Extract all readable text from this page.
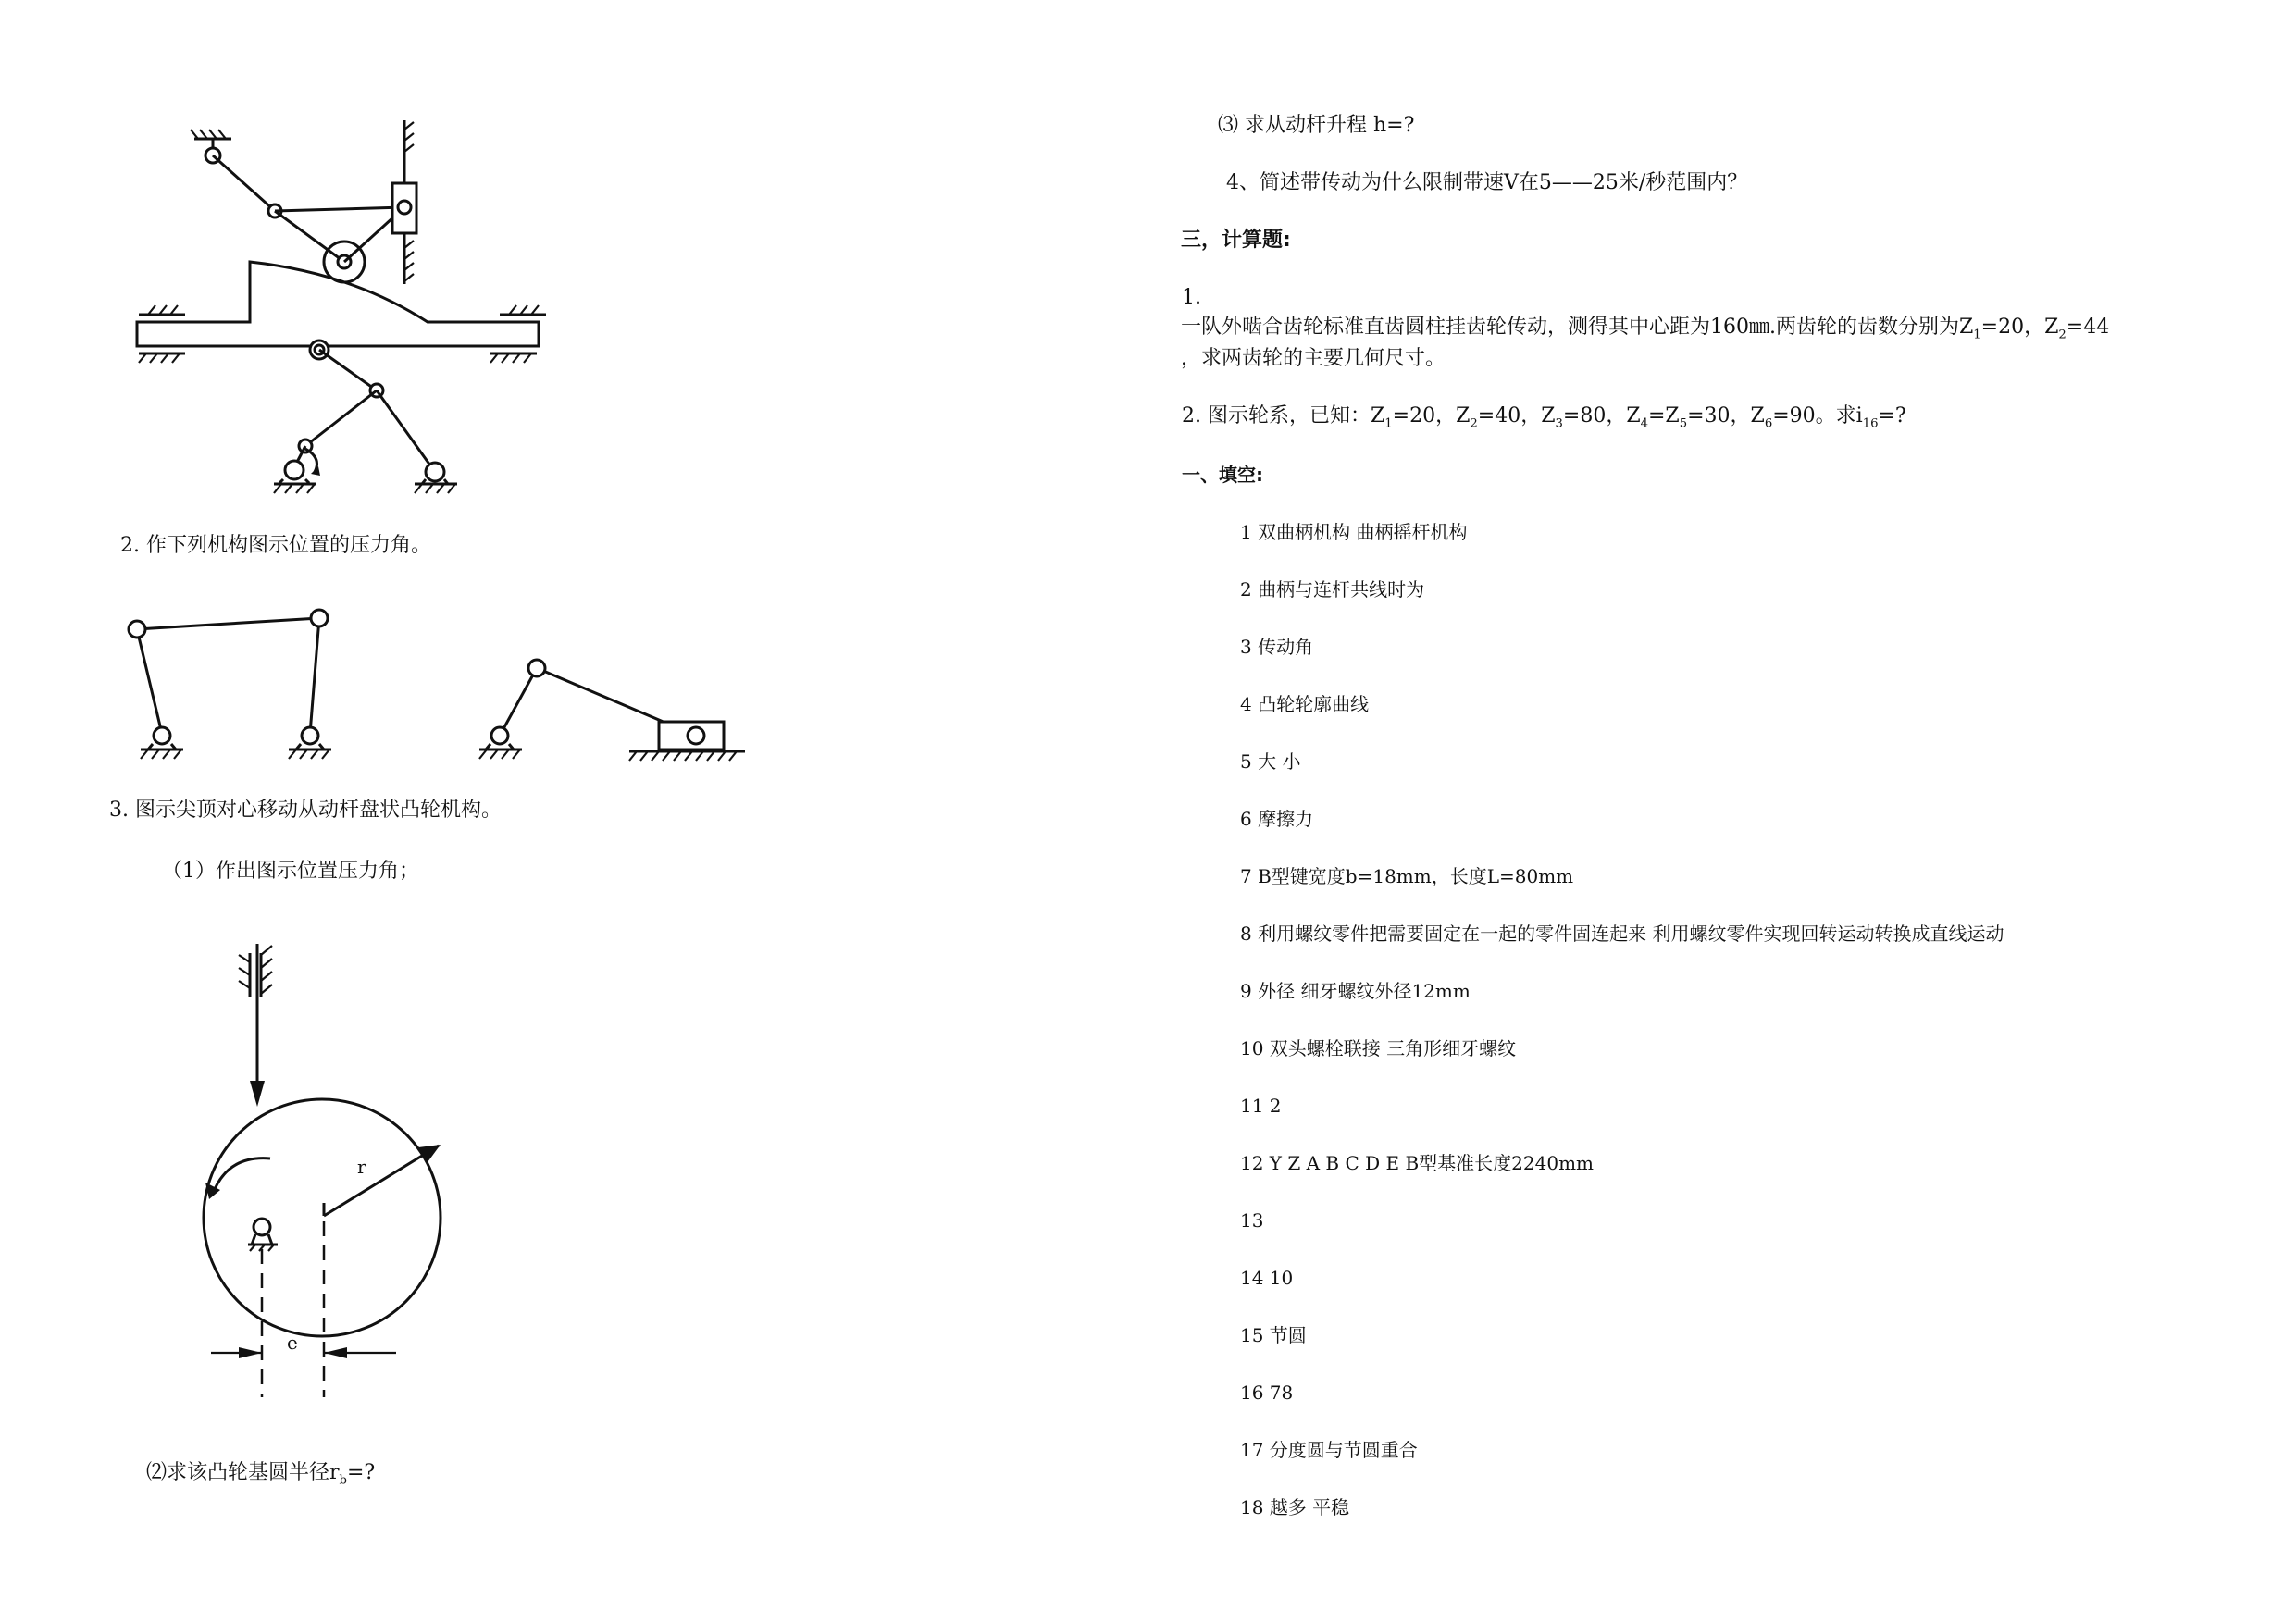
2. 作下列机构图示位置的压力角。
3. 图示尖顶对心移动从动杆盘状凸轮机构。
（1）作出图示位置压力角；
r
e
⑵求该凸轮基圆半径$r_b=$?
⑶ 求从动杆升程 h=?
4、简述带传动为什么限制带速V在5——25米/秒范围内？
三，计算题:
1.
一队外啮合齿轮标准直齿圆柱挂齿轮传动，测得其中心距为160㎜.两齿轮的齿数分别为$Z_1=20$，$Z_2=44$
，求两齿轮的主要几何尺寸。
2. 图示轮系，已知：$Z_1=20$，$Z_2=40$，$Z_3=80$，$Z_4=Z_5=30$，$Z_6=90$。求$i_{16}=$?
一、填空:
1 双曲柄机构 曲柄摇杆机构
2 曲柄与连杆共线时为
3 传动角
4 凸轮轮廓曲线
5 大 小
6 摩擦力
7 B型键宽度b=18mm，长度L=80mm
8 利用螺纹零件把需要固定在一起的零件固连起来 利用螺纹零件实现回转运动转换成直线运动
9 外径 细牙螺纹外径12mm
10 双头螺栓联接 三角形细牙螺纹
11 2
12 Y Z A B C D E B型基准长度2240mm
13
14 10
15 节圆
16 78
17 分度圆与节圆重合
18 越多 平稳
